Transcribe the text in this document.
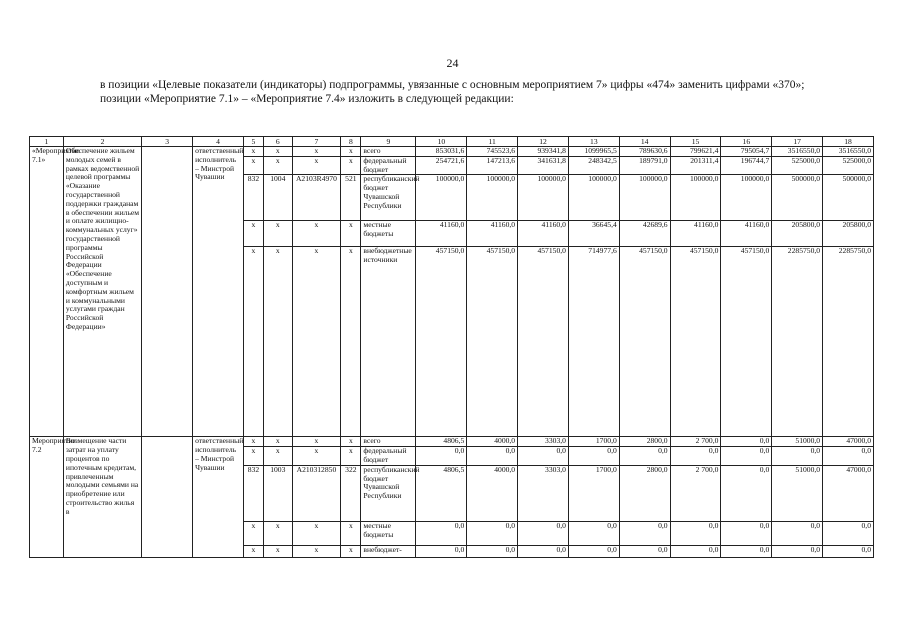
24

в позиции «Целевые показатели (индикаторы) подпрограммы, увязанные с основным мероприятием 7» цифры «474» заменить цифрами «370»;

позиции «Мероприятие 7.1» – «Мероприятие 7.4» изложить в следующей редакции:

1	2	3	4	5	6	7	8	9	10	11	12	13	14	15	16	17	18
«Мероприятие 7.1»	Обеспечение жильем молодых семей в рамках ведомственной целевой программы «Оказание государственной поддержки гражданам в обеспечении жильем и оплате жилищно-коммунальных услуг» государственной программы Российской Федерации «Обеспечение доступным и комфортным жильем и коммунальными услугами граждан Российской Федерации»		ответственный исполнитель – Минстрой Чувашии	x	x	x	x	всего	853031,6	745523,6	939341,8	1099965,5	789630,6	799621,4	795054,7	3516550,0	3516550,0
				x	x	x	x	федеральный бюджет	254721,6	147213,6	341631,8	248342,5	189791,0	201311,4	196744,7	525000,0	525000,0
				832	1004	A2103R4970	521	республиканский бюджет Чувашской Республики	100000,0	100000,0	100000,0	100000,0	100000,0	100000,0	100000,0	500000,0	500000,0
				x	x	x	x	местные бюджеты	41160,0	41160,0	41160,0	36645,4	42689,6	41160,0	41160,0	205800,0	205800,0
				x	x	x	x	внебюджетные источники	457150,0	457150,0	457150,0	714977,6	457150,0	457150,0	457150,0	2285750,0	2285750,0
Мероприятие 7.2	Возмещение части затрат на уплату процентов по ипотечным кредитам, привлеченным молодыми семьями на приобретение или строительство жилья в		ответственный исполнитель – Минстрой Чувашии	x	x	x	x	всего	4806,5	4000,0	3303,0	1700,0	2800,0	2 700,0	0,0	51000,0	47000,0
				x	x	x	x	федеральный бюджет	0,0	0,0	0,0	0,0	0,0	0,0	0,0	0,0	0,0
				832	1003	A210312850	322	республиканский бюджет Чувашской Республики	4806,5	4000,0	3303,0	1700,0	2800,0	2 700,0	0,0	51000,0	47000,0
				x	x	x	x	местные бюджеты	0,0	0,0	0,0	0,0	0,0	0,0	0,0	0,0	0,0
				x	x	x	x	внебюджет-	0,0	0,0	0,0	0,0	0,0	0,0	0,0	0,0	0,0
